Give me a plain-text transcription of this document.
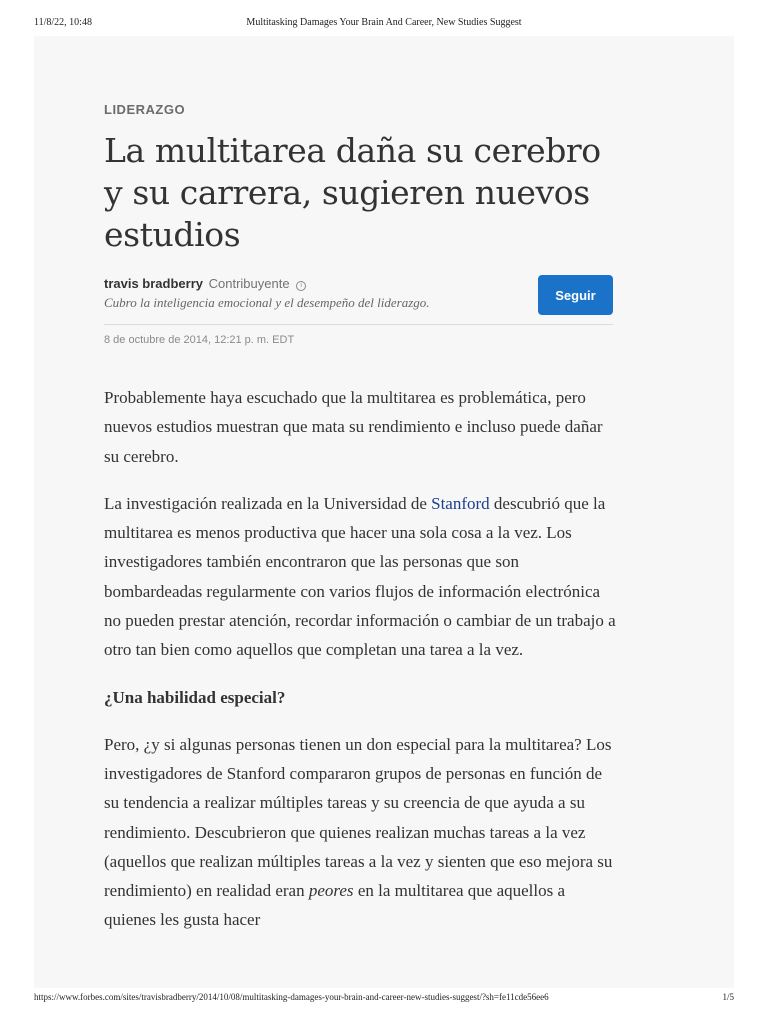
11/8/22, 10:48	Multitasking Damages Your Brain And Career, New Studies Suggest
LIDERAZGO
La multitarea daña su cerebro y su carrera, sugieren nuevos estudios
travis bradberry Contribuyente i
Cubro la inteligencia emocional y el desempeño del liderazgo.	Seguir
8 de octubre de 2014, 12:21 p. m. EDT

Probablemente haya escuchado que la multitarea es problemática, pero nuevos estudios muestran que mata su rendimiento e incluso puede dañar su cerebro.

La investigación realizada en la Universidad de Stanford descubrió que la multitarea es menos productiva que hacer una sola cosa a la vez. Los investigadores también encontraron que las personas que son bombardeadas regularmente con varios flujos de información electrónica no pueden prestar atención, recordar información o cambiar de un trabajo a otro tan bien como aquellos que completan una tarea a la vez.

¿Una habilidad especial?

Pero, ¿y si algunas personas tienen un don especial para la multitarea? Los investigadores de Stanford compararon grupos de personas en función de su tendencia a realizar múltiples tareas y su creencia de que ayuda a su rendimiento. Descubrieron que quienes realizan muchas tareas a la vez (aquellos que realizan múltiples tareas a la vez y sienten que eso mejora su rendimiento) en realidad eran peores en la multitarea que aquellos a quienes les gusta hacer

https://www.forbes.com/sites/travisbradberry/2014/10/08/multitasking-damages-your-brain-and-career-new-studies-suggest/?sh=fe11cde56ee6	1/5
